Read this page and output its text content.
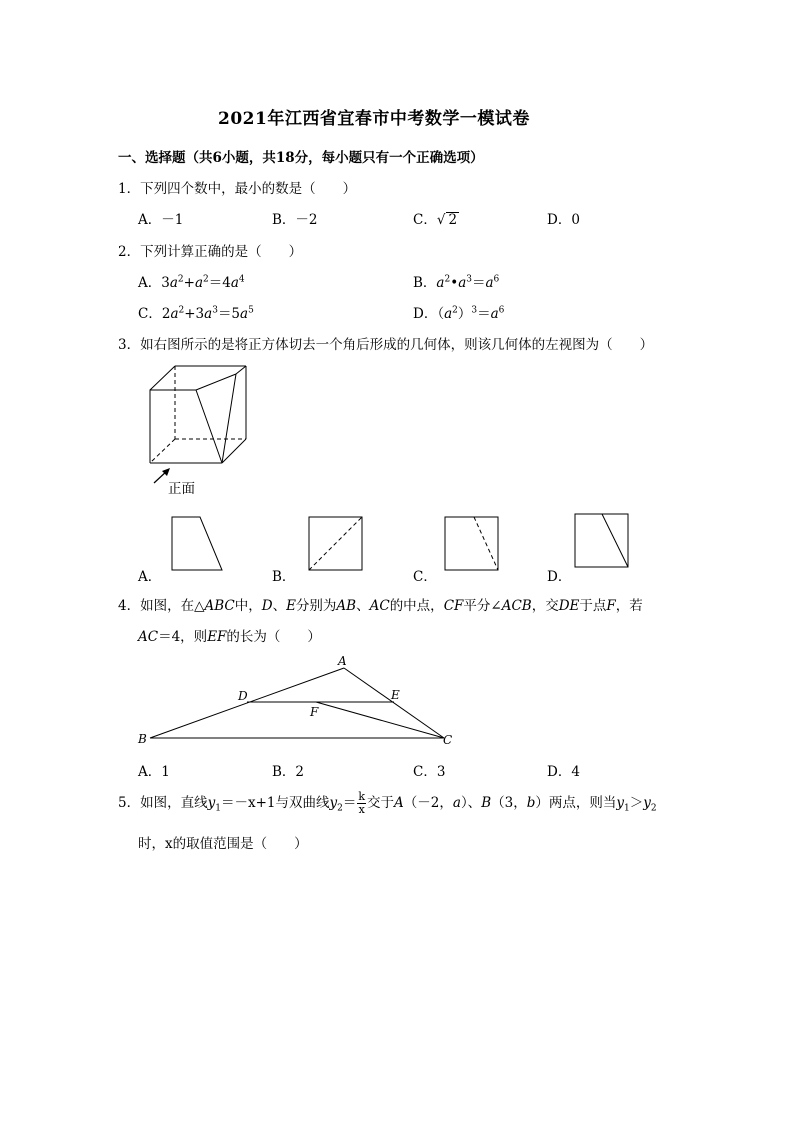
2021年江西省宜春市中考数学一模试卷
一、选择题（共6小题，共18分，每小题只有一个正确选项）
1．下列四个数中，最小的数是（　　）
A．－1	B．－2	C．√ 2	D．0
2．下列计算正确的是（　　）
A．$3a^2+a^2=4a^4$	B．$a^2•a^3=a^6$
C．$2a^2+3a^3=5a^5$	D．$(a^2)^3=a^6$
3．如右图所示的是将正方体切去一个角后形成的几何体，则该几何体的左视图为（　　）
正面
A．	B．	C．	D．
4．如图，在△ABC中，D、E分别为AB、AC的中点，CF平分∠ACB，交DE于点F，若
AC＝4，则EF的长为（　　）
A
B	C
D	E
F
A．1	B．2	C．3	D．4
5．如图，直线$y_1=-x+1$与双曲线$y_2= \frac{k}{x}$ 交于A（－2，a）、B（3，b）两点，则当$y_1>y_2$
时，x的取值范围是（　　）
